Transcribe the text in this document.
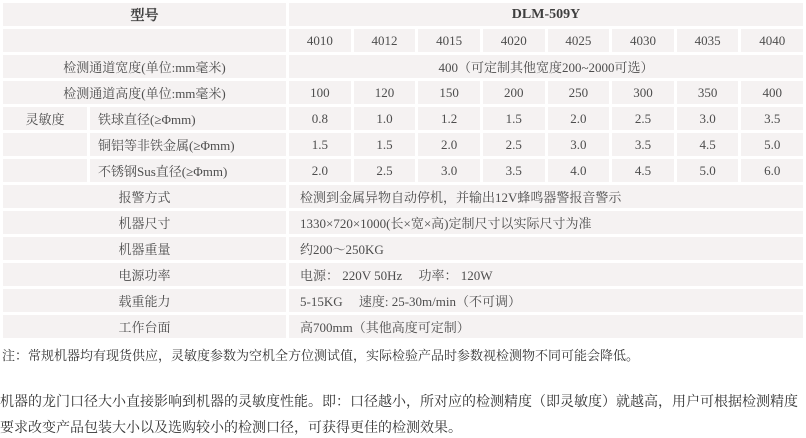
型号		DLM-509Y							
		4010	4012	4015	4020	4025	4030	4035	4040
检测通道宽度(单位:mm毫米)		400（可定制其他宽度200~2000可选）							
检测通道高度(单位:mm毫米)		100	120	150	200	250	300	350	400
灵敏度	铁球直径(≥Φmm)	0.8	1.0	1.2	1.5	2.0	2.5	3.0	3.5
	铜铝等非铁金属(≥Φmm)	1.5	1.5	2.0	2.5	3.0	3.5	4.5	5.0
	不锈钢Sus直径(≥Φmm)	2.0	2.5	3.0	3.5	4.0	4.5	5.0	6.0
报警方式		检测到金属异物自动停机，并输出12V蜂鸣器警报音警示							
机器尺寸		1330×720×1000(长×宽×高)定制尺寸以实际尺寸为准							
机器重量		约200～250KG							
电源功率		电源： 220V 50Hz　 功率： 120W							
载重能力		5-15KG　 速度: 25-30m/min（不可调）							
工作台面		高700mm（其他高度可定制）							
注：常规机器均有现货供应，灵敏度参数为空机全方位测试值，实际检验产品时参数视检测物不同可能会降低。
机器的龙门口径大小直接影响到机器的灵敏度性能。即：口径越小，所对应的检测精度（即灵敏度）就越高，用户可根据检测精度要求改变产品包装大小以及选购较小的检测口径，可获得更佳的检测效果。
